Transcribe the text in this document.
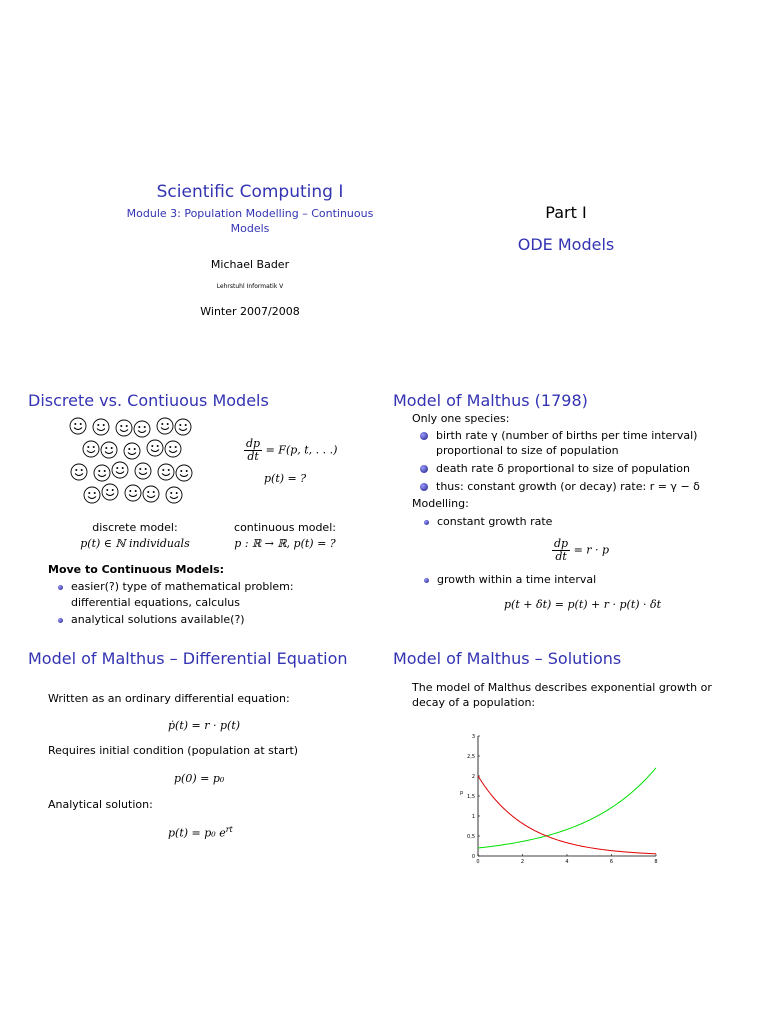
Scientific Computing I
Module 3: Population Modelling – Continuous
Models
Michael Bader
Lehrstuhl Informatik V
Winter 2007/2008
Part I
ODE Models
Discrete vs. Contiuous Models
$\frac{dp}{dt} = F(p$, t, . . .)
p(t) = ?
discrete model:
p(t) ∈ ℕ individuals
continuous model:
p : ℝ → ℝ, p(t) = ?
Move to Continuous Models:
easier(?) type of mathematical problem:
differential equations, calculus
analytical solutions available(?)
Model of Malthus (1798)
Only one species:
birth rate γ (number of births per time interval)
proportional to size of population
death rate δ proportional to size of population
thus: constant growth (or decay) rate: r = γ − δ
Modelling:
constant growth rate
$\frac{dp}{dt} = r \cdot p$
growth within a time interval
p(t + δt) = p(t) + r · p(t) · δt
Model of Malthus – Differential Equation
Written as an ordinary differential equation:
ṗ(t) = r · p(t)
Requires initial condition (population at start)
p(0) = p₀
Analytical solution:
p(t) = p₀ $e^{rt}$
Model of Malthus – Solutions
The model of Malthus describes exponential growth or
decay of a population:
0
0,5
1
1,5
2
2,5
3
0	2	4	6	8
p
